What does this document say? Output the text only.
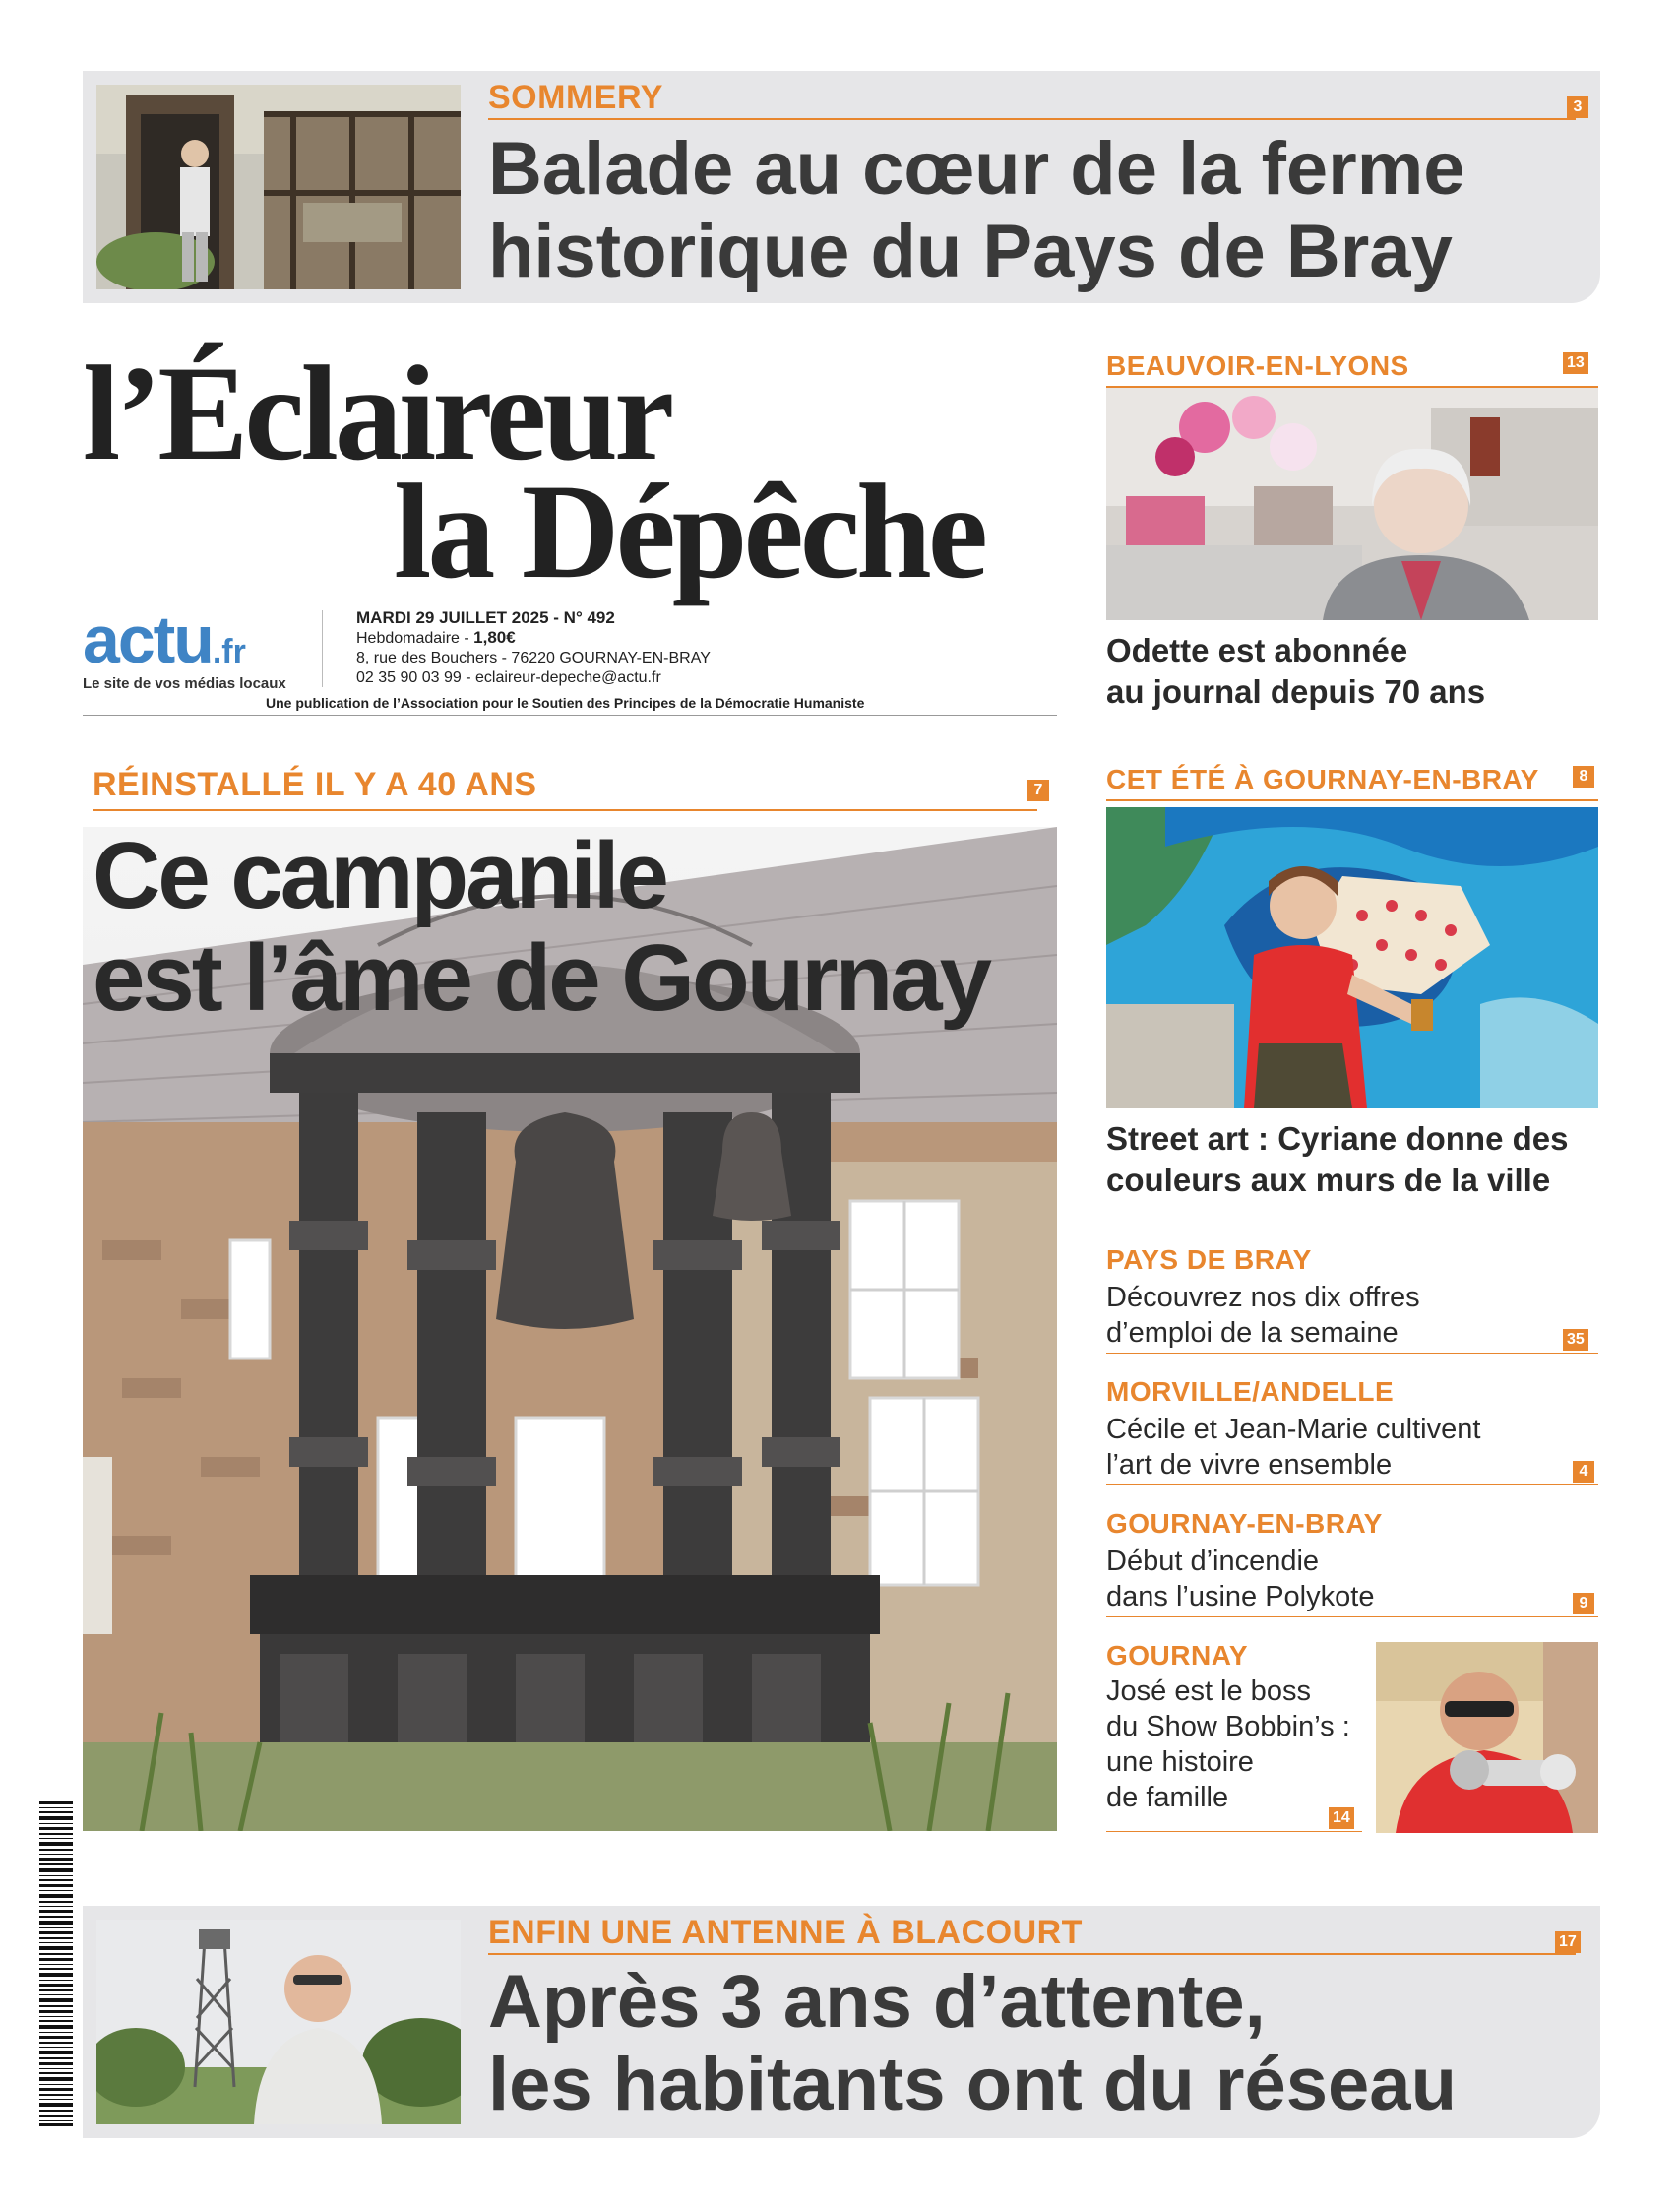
SOMMERY	3
Balade au cœur de la ferme
historique du Pays de Bray
l’Éclaireur
la Dépêche
actu.fr
Le site de vos médias locaux
MARDI 29 JUILLET 2025 - N° 492
Hebdomadaire - 1,80€
8, rue des Bouchers - 76220 GOURNAY-EN-BRAY
02 35 90 03 99 - eclaireur-depeche@actu.fr
Une publication de l’Association pour le Soutien des Principes de la Démocratie Humaniste
RÉINSTALLÉ IL Y A 40 ANS	7
Ce campanile
est l’âme de Gournay
BEAUVOIR-EN-LYONS	13
Odette est abonnée
au journal depuis 70 ans
CET ÉTÉ À GOURNAY-EN-BRAY	8
Street art : Cyriane donne des
couleurs aux murs de la ville
PAYS DE BRAY
Découvrez nos dix offres
d’emploi de la semaine	35
MORVILLE/ANDELLE
Cécile et Jean-Marie cultivent
l’art de vivre ensemble	4
GOURNAY-EN-BRAY
Début d’incendie
dans l’usine Polykote	9
GOURNAY
José est le boss
du Show Bobbin’s :
une histoire
de famille
14
ENFIN UNE ANTENNE À BLACOURT	17
Après 3 ans d’attente,
les habitants ont du réseau
